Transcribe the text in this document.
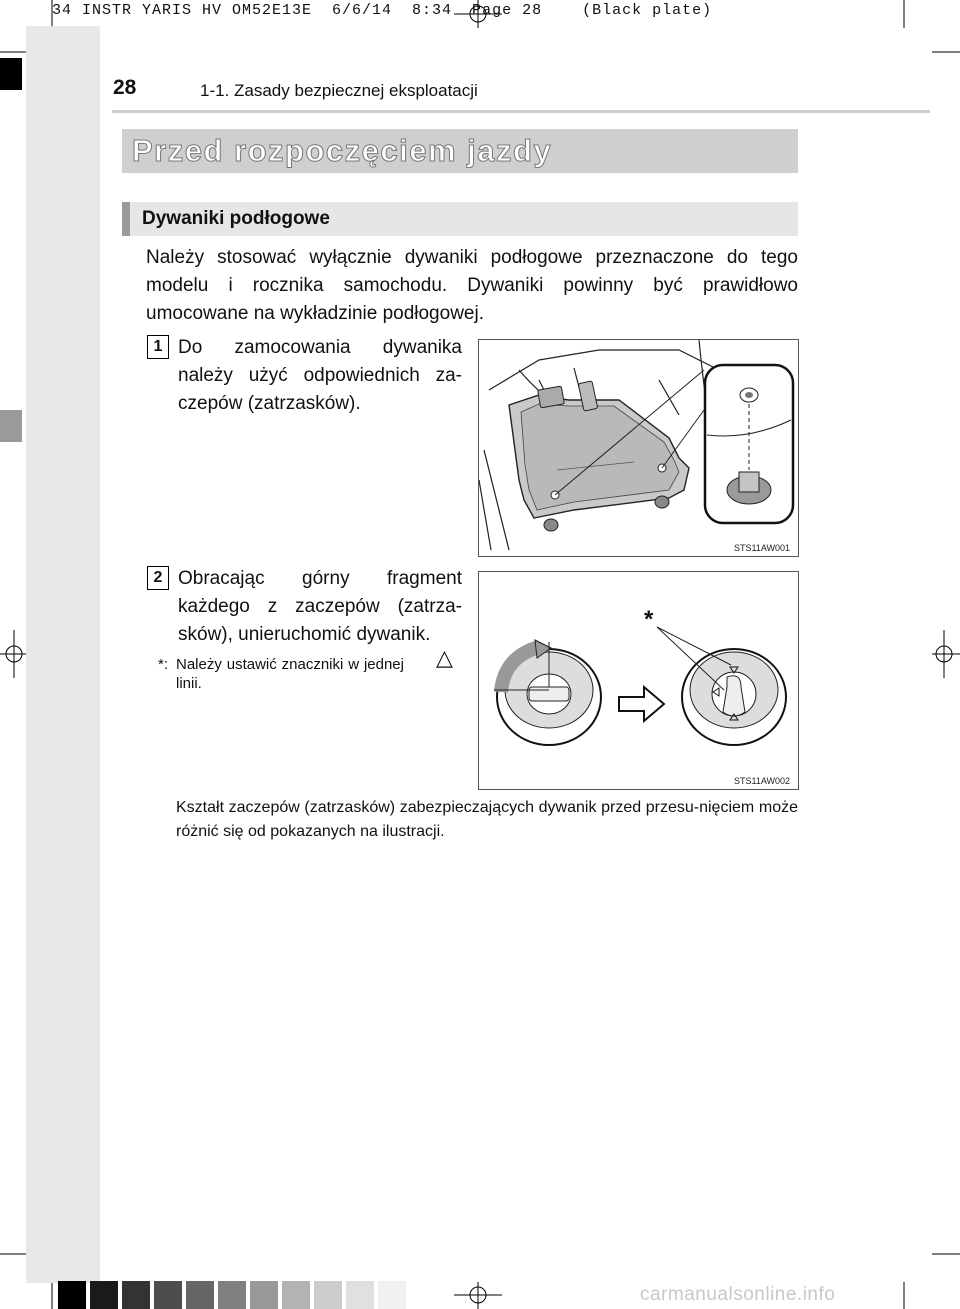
34 INSTR YARIS HV OM52E13E  6/6/14  8:34  Page 28    (Black plate)
28	1-1. Zasady bezpiecznej eksploatacji
Przed rozpoczęciem jazdy
Dywaniki podłogowe
Należy stosować wyłącznie dywaniki podłogowe przeznaczone do tego modelu i rocznika samochodu. Dywaniki powinny być prawidłowo umocowane na wykładzinie podłogowej.
1 Do zamocowania dywanika należy użyć odpowiednich za-czepów (zatrzasków).
STS11AW001
2 Obracając górny fragment każdego z zaczepów (zatrza-sków), unieruchomić dywanik.
*: Należy ustawić znaczniki w jednej linii.
△
*
STS11AW002
Kształt zaczepów (zatrzasków) zabezpieczających dywanik przed przesu-nięciem może różnić się od pokazanych na ilustracji.
carmanualsonline.info
